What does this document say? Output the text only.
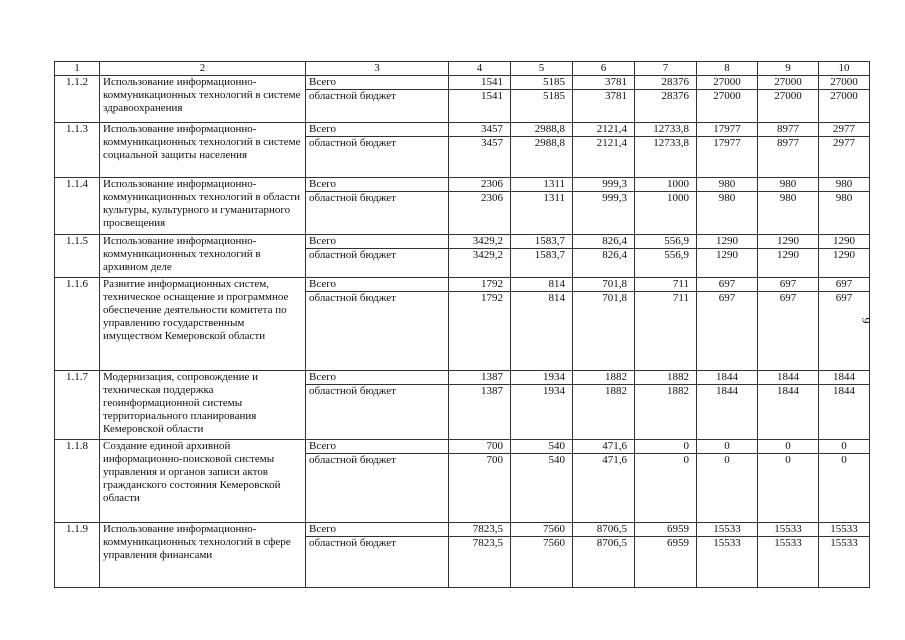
1	2	3	4	5	6	7	8	9	10
1.1.2	Использование информационно-коммуникационных технологий в системе здравоохранения	Всего	1541	5185	3781	28376	27000	27000	27000
		областной бюджет	1541	5185	3781	28376	27000	27000	27000
1.1.3	Использование информационно-коммуникационных технологий в системе социальной защиты населения	Всего	3457	2988,8	2121,4	12733,8	17977	8977	2977
		областной бюджет	3457	2988,8	2121,4	12733,8	17977	8977	2977
1.1.4	Использование информационно-коммуникационных технологий в области культуры, культурного и гуманитарного просвещения	Всего	2306	1311	999,3	1000	980	980	980
		областной бюджет	2306	1311	999,3	1000	980	980	980
1.1.5	Использование информационно-коммуникационных технологий в архивном деле	Всего	3429,2	1583,7	826,4	556,9	1290	1290	1290
		областной бюджет	3429,2	1583,7	826,4	556,9	1290	1290	1290
1.1.6	Развитие информационных систем, техническое оснащение и программное обеспечение деятельности комитета по управлению государственным имуществом Кемеровской области	Всего	1792	814	701,8	711	697	697	697
		областной бюджет	1792	814	701,8	711	697	697	697
1.1.7	Модернизация, сопровождение и техническая поддержка геоинформационной системы территориального планирования Кемеровской области	Всего	1387	1934	1882	1882	1844	1844	1844
		областной бюджет	1387	1934	1882	1882	1844	1844	1844
1.1.8	Создание единой архивной информационно-поисковой системы управления и органов записи актов гражданского состояния Кемеровской области	Всего	700	540	471,6	0	0	0	0
		областной бюджет	700	540	471,6	0	0	0	0
1.1.9	Использование информационно-коммуникационных технологий в сфере управления финансами	Всего	7823,5	7560	8706,5	6959	15533	15533	15533
		областной бюджет	7823,5	7560	8706,5	6959	15533	15533	15533
9
